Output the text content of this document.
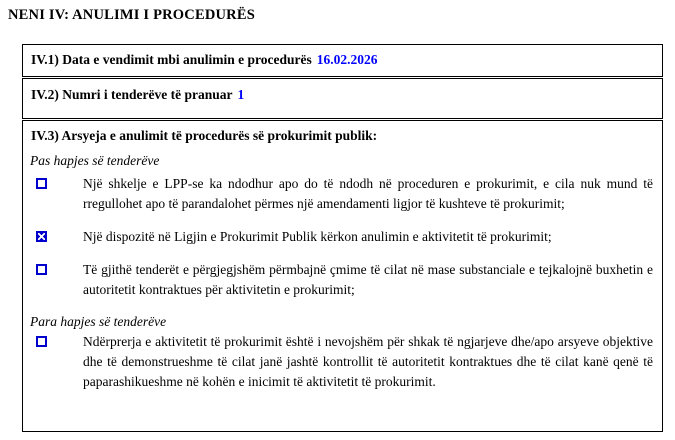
NENI IV: ANULIMI I PROCEDURËS
IV.1) Data e vendimit mbi anulimin e procedurës 16.02.2026
IV.2) Numri i tenderëve të pranuar 1
IV.3) Arsyeja e anulimit të procedurës së prokurimit publik:
Pas hapjes së tenderëve
Një shkelje e LPP-se ka ndodhur apo do të ndodh në proceduren e prokurimit, e cila nuk mund të rregullohet apo të parandalohet përmes një amendamenti ligjor të kushteve të prokurimit;
Një dispozitë në Ligjin e Prokurimit Publik kërkon anulimin e aktivitetit të prokurimit;
Të gjithë tenderët e përgjegjshëm përmbajnë çmime të cilat në mase substanciale e tejkalojnë buxhetin e autoritetit kontraktues për aktivitetin e prokurimit;
Para hapjes së tenderëve
Ndërprerja e aktivitetit të prokurimit është i nevojshëm për shkak të ngjarjeve dhe/apo arsyeve objektive dhe të demonstrueshme të cilat janë jashtë kontrollit të autoritetit kontraktues dhe të cilat kanë qenë të paparashikueshme në kohën e inicimit të aktivitetit të prokurimit.
